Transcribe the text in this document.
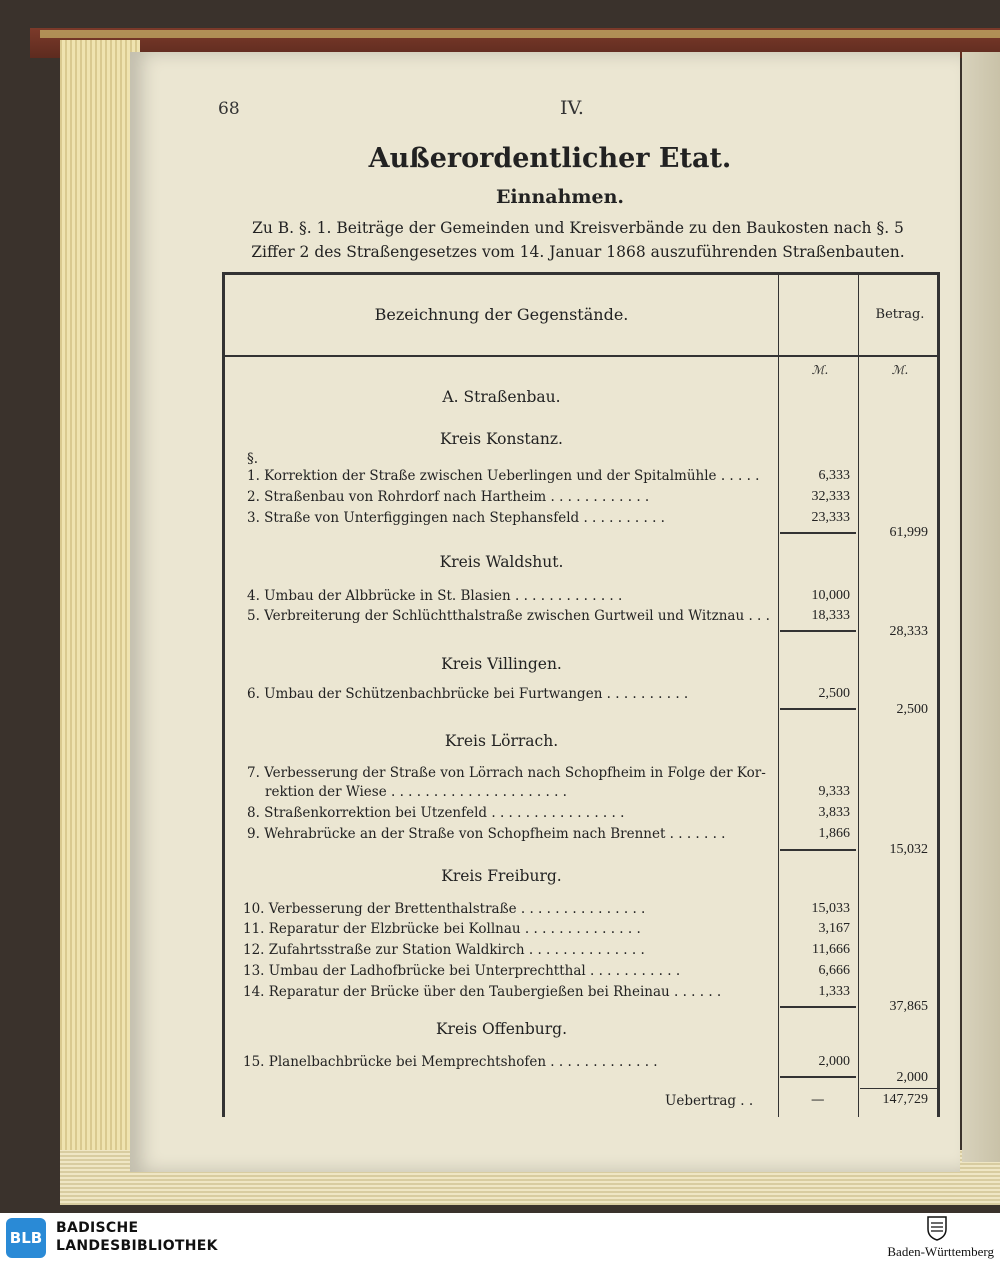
68	IV.
Außerordentlicher Etat.
Einnahmen.
Zu B. §. 1. Beiträge der Gemeinden und Kreisverbände zu den Baukosten nach §. 5 Ziffer 2 des Straßengesetzes vom 14. Januar 1868 auszuführenden Straßenbauten.
Bezeichnung der Gegenstände.	Betrag.
ℳ.	ℳ.
A. Straßenbau.
Kreis Konstanz.
§.
1. Korrektion der Straße zwischen Ueberlingen und der Spitalmühle . . . . .	6,333
2. Straßenbau von Rohrdorf nach Hartheim . . . . . . . . . . . .	32,333
3. Straße von Unterfiggingen nach Stephansfeld . . . . . . . . . .	23,333
61,999
Kreis Waldshut.
4. Umbau der Albbrücke in St. Blasien . . . . . . . . . . . . .	10,000
5. Verbreiterung der Schlüchtthalstraße zwischen Gurtweil und Witznau . . .	18,333
28,333
Kreis Villingen.
6. Umbau der Schützenbachbrücke bei Furtwangen . . . . . . . . . .	2,500
2,500
Kreis Lörrach.
7. Verbesserung der Straße von Lörrach nach Schopfheim in Folge der Kor-
rektion der Wiese . . . . . . . . . . . . . . . . . . . . .	9,333
8. Straßenkorrektion bei Utzenfeld . . . . . . . . . . . . . . . .	3,833
9. Wehrabrücke an der Straße von Schopfheim nach Brennet . . . . . . .	1,866
15,032
Kreis Freiburg.
10. Verbesserung der Brettenthalstraße . . . . . . . . . . . . . . .	15,033
11. Reparatur der Elzbrücke bei Kollnau . . . . . . . . . . . . . .	3,167
12. Zufahrtsstraße zur Station Waldkirch . . . . . . . . . . . . . .	11,666
13. Umbau der Ladhofbrücke bei Unterprechtthal . . . . . . . . . . .	6,666
14. Reparatur der Brücke über den Taubergießen bei Rheinau . . . . . .	1,333
37,865
Kreis Offenburg.
15. Planelbachbrücke bei Memprechtshofen . . . . . . . . . . . . .	2,000
2,000
Uebertrag . .	—	147,729
BLB
BADISCHE
LANDESBIBLIOTHEK	Baden-Württemberg
